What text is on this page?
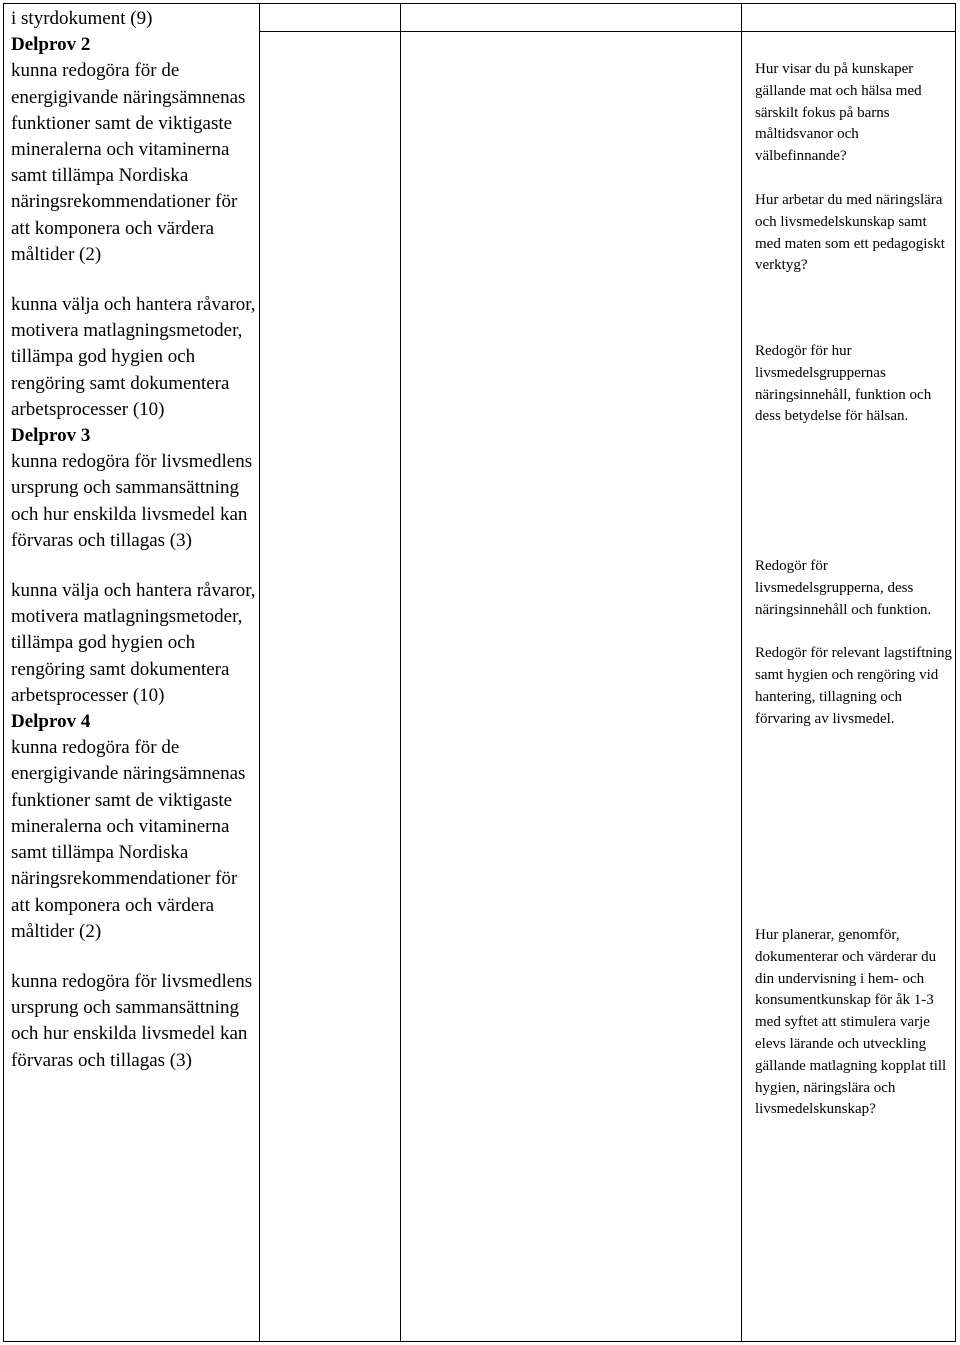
i styrdokument (9)

Delprov 2

kunna redogöra för de energigivande näringsämnenas funktioner samt de viktigaste mineralerna och vitaminerna samt tillämpa Nordiska näringsrekommendationer för att komponera och värdera måltider (2)

kunna välja och hantera råvaror, motivera matlagningsmetoder, tillämpa god hygien och rengöring samt dokumentera arbetsprocesser (10)

Delprov 3

kunna redogöra för livsmedlens ursprung och sammansättning och hur enskilda livsmedel kan förvaras och tillagas (3)

kunna välja och hantera råvaror, motivera matlagningsmetoder, tillämpa god hygien och rengöring samt dokumentera arbetsprocesser (10)

Delprov 4

kunna redogöra för de energigivande näringsämnenas funktioner samt de viktigaste mineralerna och vitaminerna samt tillämpa Nordiska näringsrekommendationer för att komponera och värdera måltider (2)

kunna redogöra för livsmedlens ursprung och sammansättning och hur enskilda livsmedel kan förvaras och tillagas (3)

Hur visar du på kunskaper gällande mat och hälsa med särskilt fokus på barns måltidsvanor och välbefinnande?

Hur arbetar du med näringslära och livsmedelskunskap samt med maten som ett pedagogiskt verktyg?

Redogör för hur livsmedelsgruppernas näringsinnehåll, funktion och dess betydelse för hälsan.

Redogör för livsmedelsgrupperna, dess näringsinnehåll och funktion.

Redogör för relevant lagstiftning samt hygien och rengöring vid hantering, tillagning och förvaring av livsmedel.

Hur planerar, genomför, dokumenterar och värderar du din undervisning i hem- och konsumentkunskap för åk 1-3 med syftet att stimulera varje elevs lärande och utveckling gällande matlagning kopplat till hygien, näringslära och livsmedelskunskap?
